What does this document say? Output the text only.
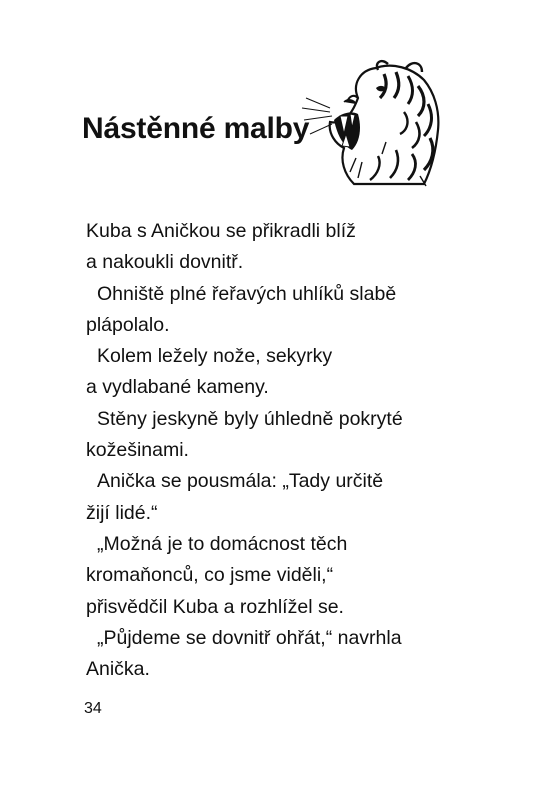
Nástěnné malby
Kuba s Aničkou se přikradli blíž
a nakoukli dovnitř.
Ohniště plné řeřavých uhlíků slabě
plápolalo.
Kolem ležely nože, sekyrky
a vydlabané kameny.
Stěny jeskyně byly úhledně pokryté
kožešinami.
Anička se pousmála: „Tady určitě
žijí lidé.“
„Možná je to domácnost těch
kromaňonců, co jsme viděli,“
přisvědčil Kuba a rozhlížel se.
„Půjdeme se dovnitř ohřát,“ navrhla
Anička.
34
